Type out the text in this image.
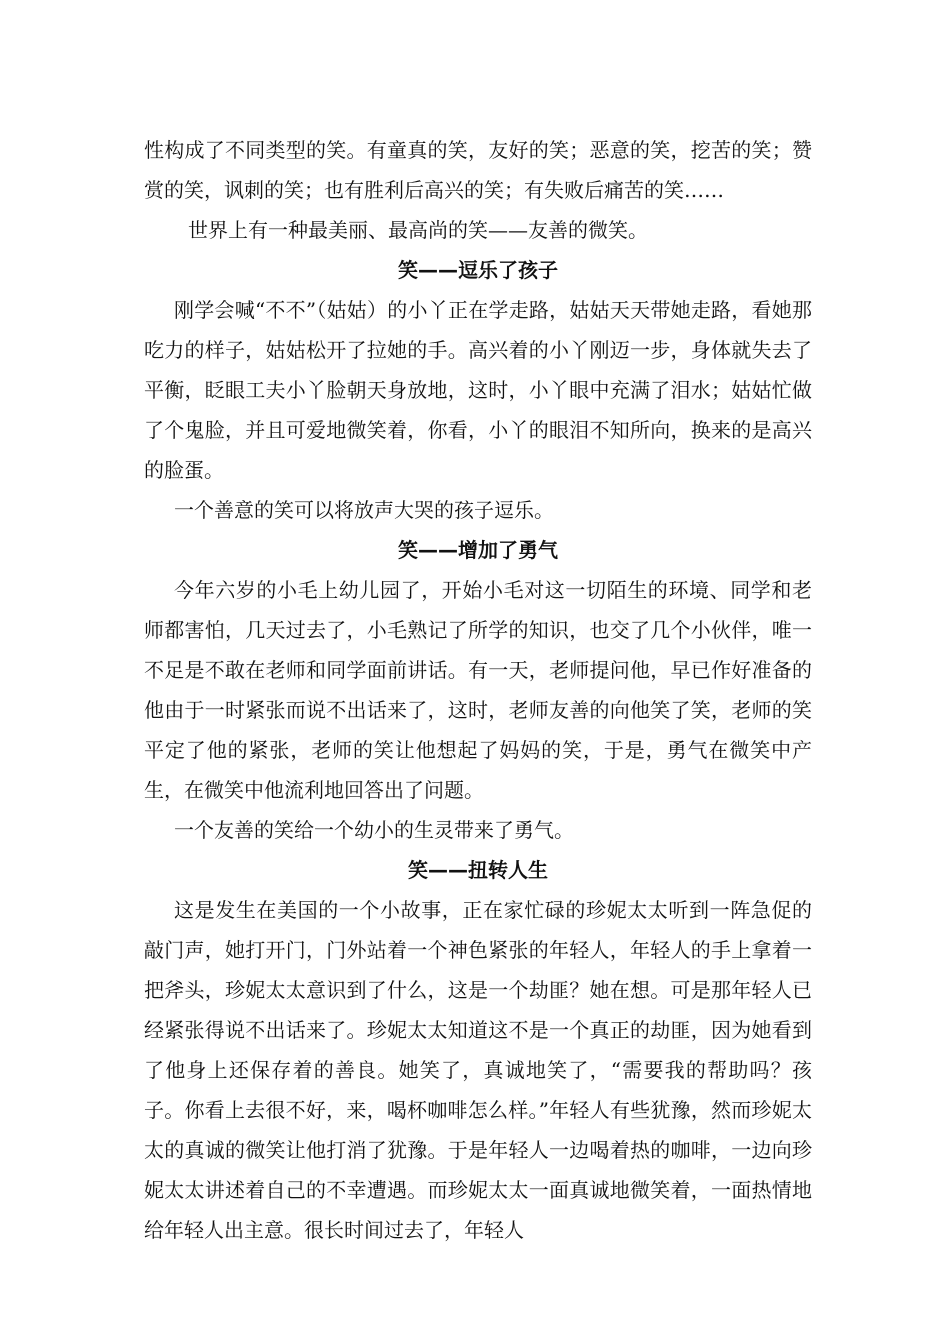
性构成了不同类型的笑。有童真的笑，友好的笑；恶意的笑，挖苦的笑；赞赏的笑，讽刺的笑；也有胜利后高兴的笑；有失败后痛苦的笑……

世界上有一种最美丽、最高尚的笑——友善的微笑。

笑——逗乐了孩子

刚学会喊“不不”（姑姑）的小丫正在学走路，姑姑天天带她走路，看她那吃力的样子，姑姑松开了拉她的手。高兴着的小丫刚迈一步，身体就失去了平衡，眨眼工夫小丫脸朝天身放地，这时，小丫眼中充满了泪水；姑姑忙做了个鬼脸，并且可爱地微笑着，你看，小丫的眼泪不知所向，换来的是高兴的脸蛋。

一个善意的笑可以将放声大哭的孩子逗乐。

笑——增加了勇气

今年六岁的小毛上幼儿园了，开始小毛对这一切陌生的环境、同学和老师都害怕，几天过去了，小毛熟记了所学的知识，也交了几个小伙伴，唯一不足是不敢在老师和同学面前讲话。有一天，老师提问他，早已作好准备的他由于一时紧张而说不出话来了，这时，老师友善的向他笑了笑，老师的笑平定了他的紧张，老师的笑让他想起了妈妈的笑，于是，勇气在微笑中产生，在微笑中他流利地回答出了问题。

一个友善的笑给一个幼小的生灵带来了勇气。

笑——扭转人生

这是发生在美国的一个小故事，正在家忙碌的珍妮太太听到一阵急促的敲门声，她打开门，门外站着一个神色紧张的年轻人，年轻人的手上拿着一把斧头，珍妮太太意识到了什么，这是一个劫匪？她在想。可是那年轻人已经紧张得说不出话来了。珍妮太太知道这不是一个真正的劫匪，因为她看到了他身上还保存着的善良。她笑了，真诚地笑了，“需要我的帮助吗？孩子。你看上去很不好，来，喝杯咖啡怎么样。”年轻人有些犹豫，然而珍妮太太的真诚的微笑让他打消了犹豫。于是年轻人一边喝着热的咖啡，一边向珍妮太太讲述着自己的不幸遭遇。而珍妮太太一面真诚地微笑着，一面热情地给年轻人出主意。很长时间过去了，年轻人
